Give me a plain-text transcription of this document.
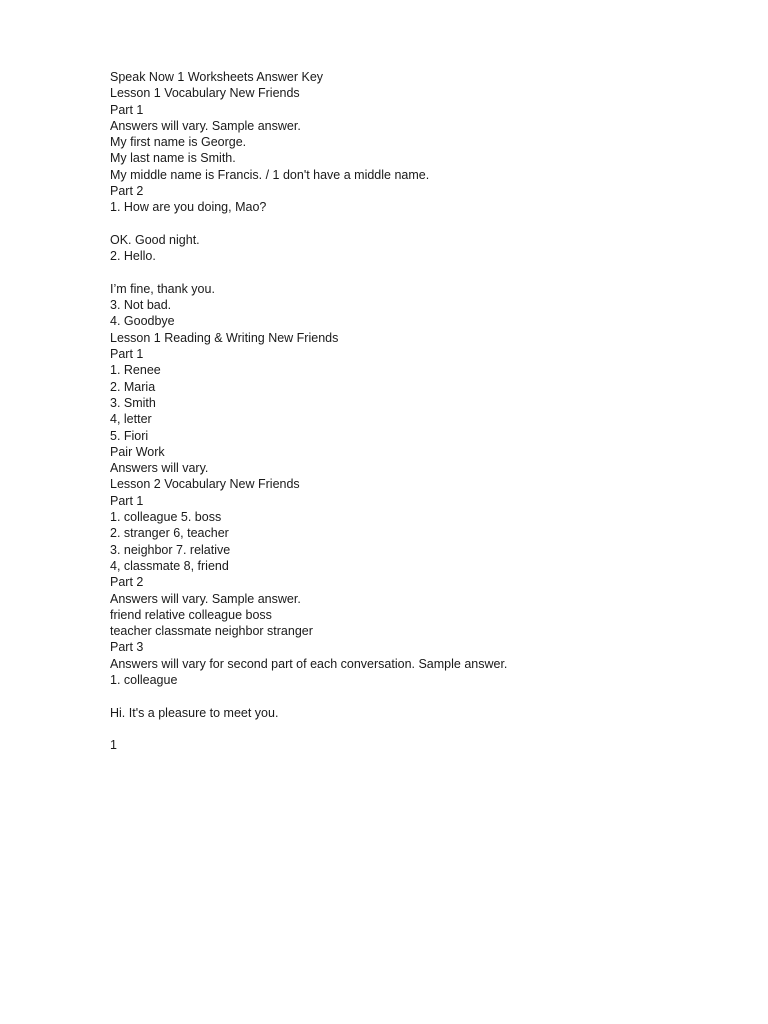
Speak Now 1 Worksheets Answer Key
Lesson 1 Vocabulary New Friends
Part 1
Answers will vary. Sample answer.
My first name is George.
My last name is Smith.
My middle name is Francis. / 1 don't have a middle name.
Part 2
1. How are you doing, Mao?
OK. Good night.
2. Hello.
I’m fine, thank you.
3. Not bad.
4. Goodbye
Lesson 1 Reading & Writing New Friends
Part 1
1. Renee
2. Maria
3. Smith
4, letter
5. Fiori
Pair Work
Answers will vary.
Lesson 2 Vocabulary New Friends
Part 1
1. colleague 5. boss
2. stranger 6, teacher
3. neighbor 7. relative
4, classmate 8, friend
Part 2
Answers will vary. Sample answer.
friend relative colleague boss
teacher classmate neighbor stranger
Part 3
Answers will vary for second part of each conversation. Sample answer.
1. colleague
Hi. It's a pleasure to meet you.
1
